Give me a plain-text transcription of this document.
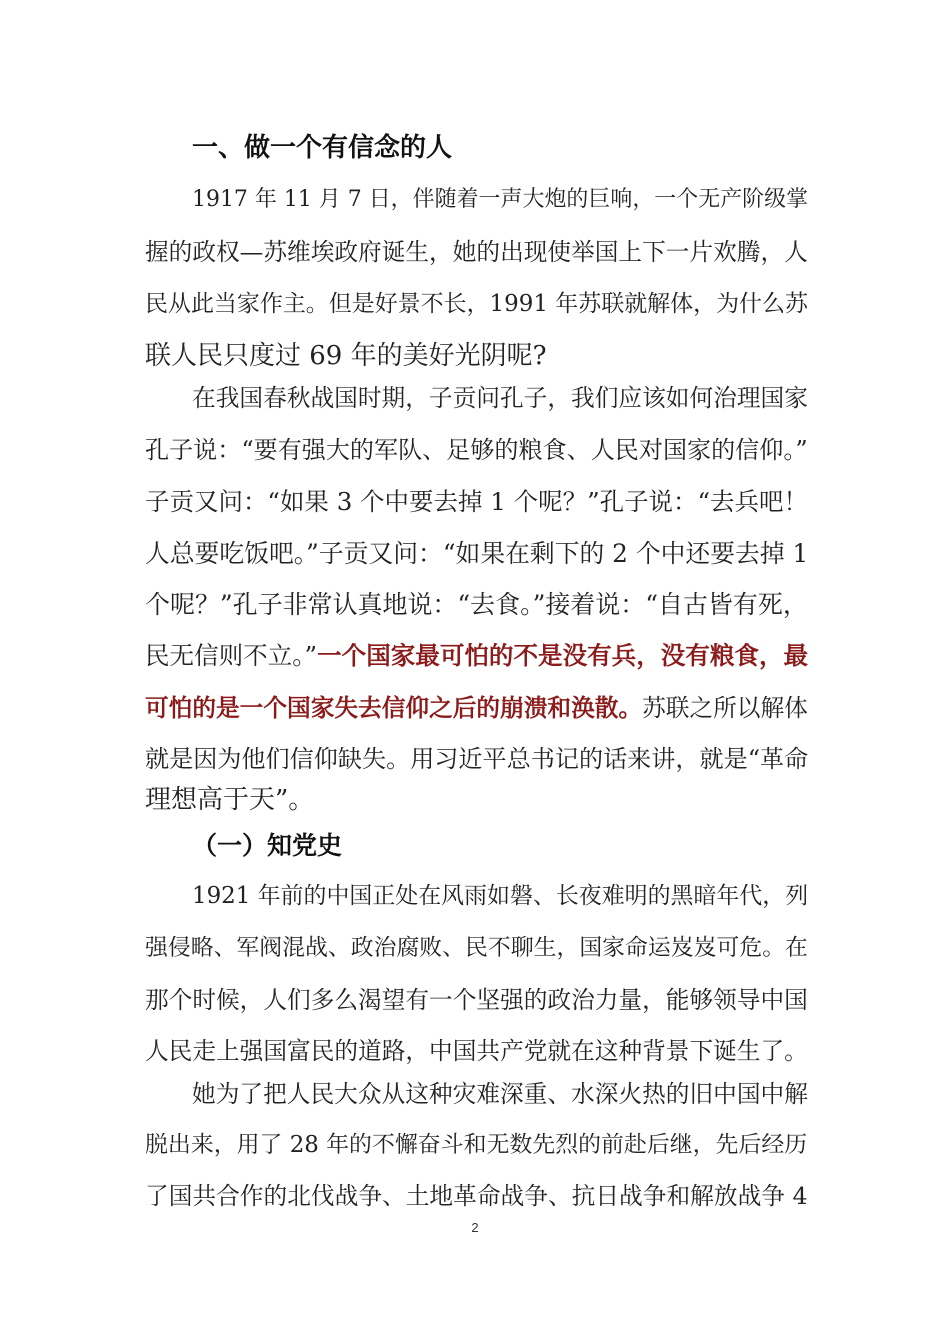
一、做一个有信念的人
1917 年 11 月 7 日，伴随着一声大炮的巨响，一个无产阶级掌
握的政权—苏维埃政府诞生，她的出现使举国上下一片欢腾，人
民从此当家作主。但是好景不长，1991 年苏联就解体，为什么苏
联人民只度过 69 年的美好光阴呢?
在我国春秋战国时期，子贡问孔子，我们应该如何治理国家
孔子说：“要有强大的军队、足够的粮食、人民对国家的信仰。”
子贡又问：“如果 3 个中要去掉 1 个呢？”孔子说：“去兵吧！
人总要吃饭吧。”子贡又问：“如果在剩下的 2 个中还要去掉 1
个呢？”孔子非常认真地说：“去食。”接着说：“自古皆有死，
民无信则不立。”一个国家最可怕的不是没有兵，没有粮食，最
可怕的是一个国家失去信仰之后的崩溃和涣散。苏联之所以解体
就是因为他们信仰缺失。用习近平总书记的话来讲，就是“革命
理想高于天”。
（一）知党史
1921 年前的中国正处在风雨如磐、长夜难明的黑暗年代，列
强侵略、军阀混战、政治腐败、民不聊生，国家命运岌岌可危。在
那个时候，人们多么渴望有一个坚强的政治力量，能够领导中国
人民走上强国富民的道路，中国共产党就在这种背景下诞生了。
她为了把人民大众从这种灾难深重、水深火热的旧中国中解
脱出来，用了 28 年的不懈奋斗和无数先烈的前赴后继，先后经历
了国共合作的北伐战争、土地革命战争、抗日战争和解放战争 4
2
